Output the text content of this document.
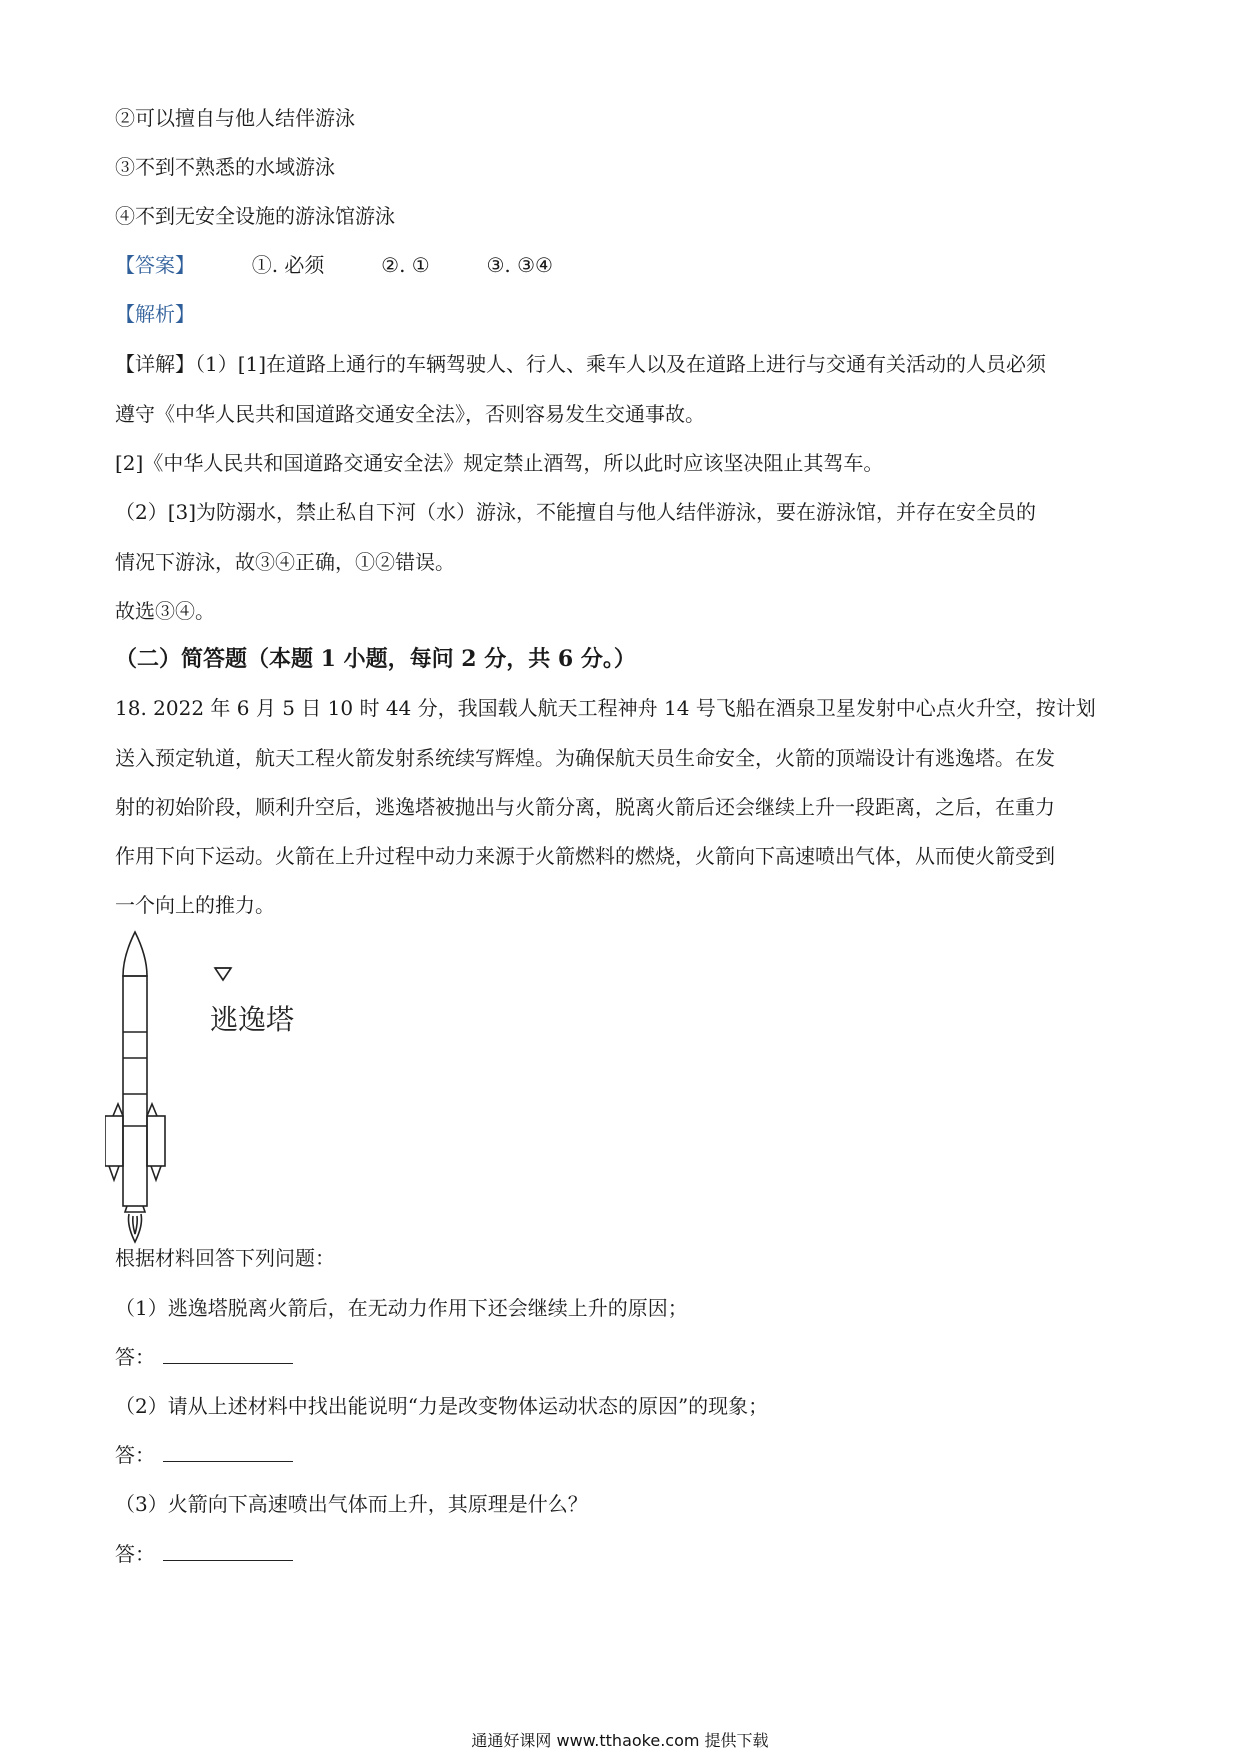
②可以擅自与他人结伴游泳
③不到不熟悉的水域游泳
④不到无安全设施的游泳馆游泳
【答案】	①. 必须	②. ①	③. ③④
【解析】
【详解】（1）[1]在道路上通行的车辆驾驶人、行人、乘车人以及在道路上进行与交通有关活动的人员必须
遵守《中华人民共和国道路交通安全法》，否则容易发生交通事故。
[2]《中华人民共和国道路交通安全法》规定禁止酒驾，所以此时应该坚决阻止其驾车。
（2）[3]为防溺水，禁止私自下河（水）游泳，不能擅自与他人结伴游泳，要在游泳馆，并存在安全员的
情况下游泳，故③④正确，①②错误。
故选③④。
（二）简答题（本题 1 小题，每问 2 分，共 6 分。）
18. 2022 年 6 月 5 日 10 时 44 分，我国载人航天工程神舟 14 号飞船在酒泉卫星发射中心点火升空，按计划
送入预定轨道，航天工程火箭发射系统续写辉煌。为确保航天员生命安全，火箭的顶端设计有逃逸塔。在发
射的初始阶段，顺利升空后，逃逸塔被抛出与火箭分离，脱离火箭后还会继续上升一段距离，之后，在重力
作用下向下运动。火箭在上升过程中动力来源于火箭燃料的燃烧，火箭向下高速喷出气体，从而使火箭受到
一个向上的推力。
逃逸塔
根据材料回答下列问题：
（1）逃逸塔脱离火箭后，在无动力作用下还会继续上升的原因；
答：
（2）请从上述材料中找出能说明“力是改变物体运动状态的原因”的现象；
答：
（3）火箭向下高速喷出气体而上升，其原理是什么？
答：
通通好课网 www.tthaoke.com 提供下载
